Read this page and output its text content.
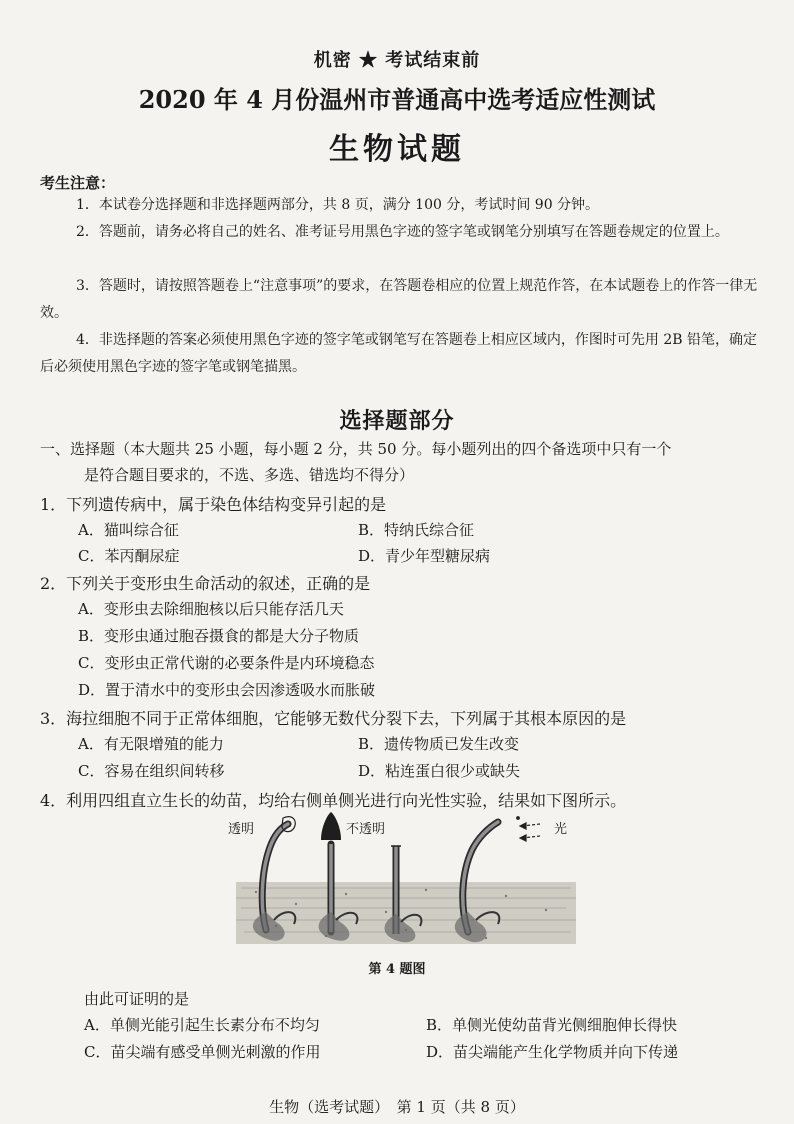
机密 ★ 考试结束前
2020 年 4 月份温州市普通高中选考适应性测试
生物试题
考生注意：
1．本试卷分选择题和非选择题两部分，共 8 页，满分 100 分，考试时间 90 分钟。
2．答题前，请务必将自己的姓名、准考证号用黑色字迹的签字笔或钢笔分别填写在答题卷规定的位置上。
3．答题时，请按照答题卷上“注意事项”的要求，在答题卷相应的位置上规范作答，在本试题卷上的作答一律无效。
4．非选择题的答案必须使用黑色字迹的签字笔或钢笔写在答题卷上相应区域内，作图时可先用 2B 铅笔，确定后必须使用黑色字迹的签字笔或钢笔描黑。
选择题部分
一、选择题（本大题共 25 小题，每小题 2 分，共 50 分。每小题列出的四个备选项中只有一个
是符合题目要求的，不选、多选、错选均不得分）
1．下列遗传病中，属于染色体结构变异引起的是
A．猫叫综合征	B．特纳氏综合征
C．苯丙酮尿症	D．青少年型糖尿病
2．下列关于变形虫生命活动的叙述，正确的是
A．变形虫去除细胞核以后只能存活几天
B．变形虫通过胞吞摄食的都是大分子物质
C．变形虫正常代谢的必要条件是内环境稳态
D．置于清水中的变形虫会因渗透吸水而胀破
3．海拉细胞不同于正常体细胞，它能够无数代分裂下去，下列属于其根本原因的是
A．有无限增殖的能力	B．遗传物质已发生改变
C．容易在组织间转移	D．粘连蛋白很少或缺失
4．利用四组直立生长的幼苗，均给右侧单侧光进行向光性实验，结果如下图所示。
透明	不透明	光
第 4 题图
由此可证明的是
A．单侧光能引起生长素分布不均匀	B．单侧光使幼苗背光侧细胞伸长得快
C．苗尖端有感受单侧光刺激的作用	D．苗尖端能产生化学物质并向下传递
生物（选考试题）　第 1 页（共 8 页）
